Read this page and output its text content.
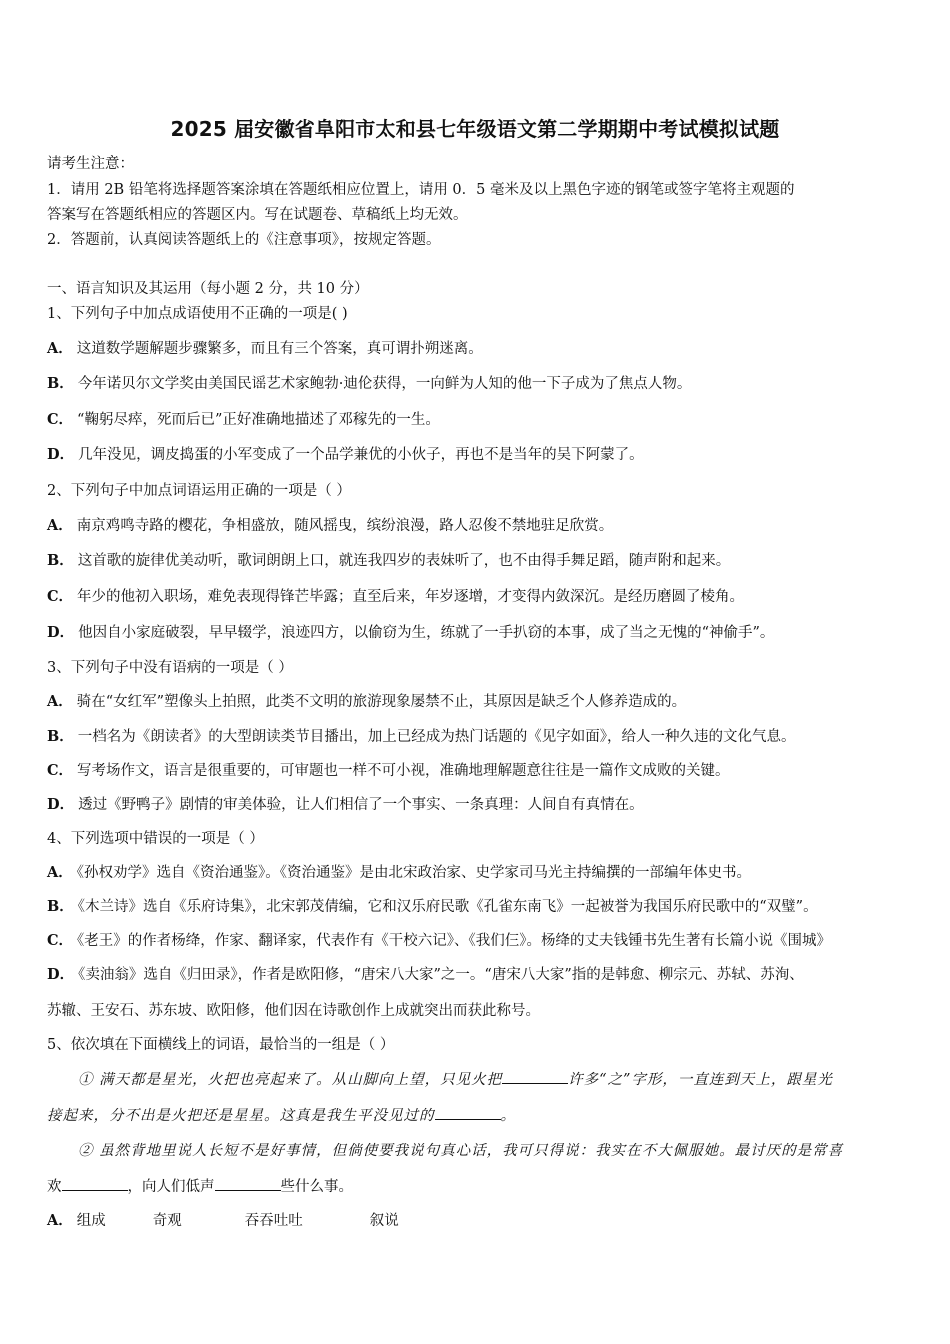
2025 届安徽省阜阳市太和县七年级语文第二学期期中考试模拟试题
请考生注意：
1．请用 2B 铅笔将选择题答案涂填在答题纸相应位置上，请用 0．5 毫米及以上黑色字迹的钢笔或签字笔将主观题的
答案写在答题纸相应的答题区内。写在试题卷、草稿纸上均无效。
2．答题前，认真阅读答题纸上的《注意事项》，按规定答题。
一、语言知识及其运用（每小题 2 分，共 10 分）
1、下列句子中加点成语使用不正确的一项是( )
A． 这道数学题解题步骤繁多，而且有三个答案，真可谓扑朔迷离。
B． 今年诺贝尔文学奖由美国民谣艺术家鲍勃·迪伦获得，一向鲜为人知的他一下子成为了焦点人物。
C． “鞠躬尽瘁，死而后已”正好准确地描述了邓稼先的一生。
D． 几年没见，调皮捣蛋的小军变成了一个品学兼优的小伙子，再也不是当年的吴下阿蒙了。
2、下列句子中加点词语运用正确的一项是（ ）
A． 南京鸡鸣寺路的樱花，争相盛放，随风摇曳，缤纷浪漫，路人忍俊不禁地驻足欣赏。
B． 这首歌的旋律优美动听，歌词朗朗上口，就连我四岁的表妹听了，也不由得手舞足蹈，随声附和起来。
C． 年少的他初入职场，难免表现得锋芒毕露；直至后来，年岁逐增，才变得内敛深沉。是经历磨圆了棱角。
D． 他因自小家庭破裂，早早辍学，浪迹四方，以偷窃为生，练就了一手扒窃的本事，成了当之无愧的“神偷手”。
3、下列句子中没有语病的一项是（ ）
A． 骑在“女红军”塑像头上拍照，此类不文明的旅游现象屡禁不止，其原因是缺乏个人修养造成的。
B． 一档名为《朗读者》的大型朗读类节目播出，加上已经成为热门话题的《见字如面》，给人一种久违的文化气息。
C． 写考场作文，语言是很重要的，可审题也一样不可小视，准确地理解题意往往是一篇作文成败的关键。
D． 透过《野鸭子》剧情的审美体验，让人们相信了一个事实、一条真理：人间自有真情在。
4、下列选项中错误的一项是（ ）
A． 《孙权劝学》选自《资治通鉴》。《资治通鉴》是由北宋政治家、史学家司马光主持编撰的一部编年体史书。
B． 《木兰诗》选自《乐府诗集》，北宋郭茂倩编，它和汉乐府民歌《孔雀东南飞》一起被誉为我国乐府民歌中的“双璧”。
C． 《老王》的作者杨绛，作家、翻译家，代表作有《干校六记》、《我们仨》。杨绛的丈夫钱锺书先生著有长篇小说《围城》
D． 《卖油翁》选自《归田录》，作者是欧阳修，“唐宋八大家”之一。“唐宋八大家”指的是韩愈、柳宗元、苏轼、苏洵、
苏辙、王安石、苏东坡、欧阳修，他们因在诗歌创作上成就突出而获此称号。
5、依次填在下面横线上的词语，最恰当的一组是（ ）
① 满天都是星光，火把也亮起来了。从山脚向上望，只见火把	许多“之”字形，一直连到天上，跟星光
接起来，分不出是火把还是星星。这真是我生平没见过的	。
② 虽然背地里说人长短不是好事情，但倘使要我说句真心话，我可只得说：我实在不大佩服她。最讨厌的是常喜
欢	，向人们低声	些什么事。
A． 组成	奇观	吞吞吐吐	叙说
